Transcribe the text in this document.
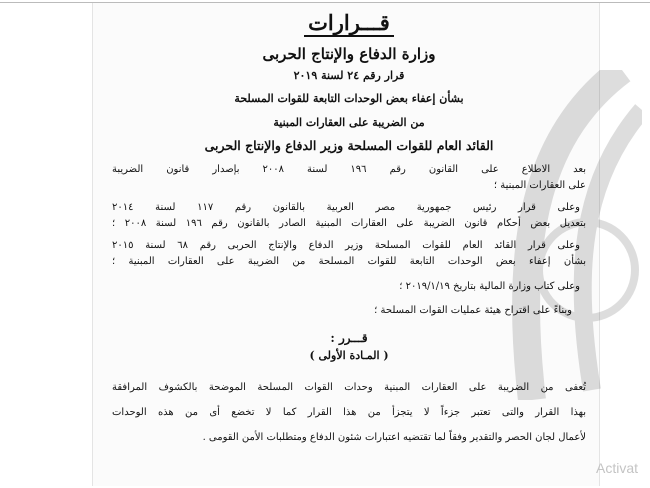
قـــرارات

وزارة الدفاع والإنتاج الحربى

قرار رقم ٢٤ لسنة ٢٠١٩

بشأن إعفاء بعض الوحدات التابعة للقوات المسلحة

من الضريبة على العقارات المبنية

القائد العام للقوات المسلحة وزير الدفاع والإنتاج الحربى

بعد الاطلاع على القانون رقم ١٩٦ لسنة ٢٠٠٨ بإصدار قانون الضريبة

على العقارات المبنية ؛

وعلى قرار رئيس جمهورية مصر العربية بالقانون رقم ١١٧ لسنة ٢٠١٤

بتعديل بعض أحكام قانون الضريبة على العقارات المبنية الصادر بالقانون رقم ١٩٦ لسنة ٢٠٠٨ ؛

وعلى قرار القائد العام للقوات المسلحة وزير الدفاع والإنتاج الحربى رقم ٦٨ لسنة ٢٠١٥

بشأن إعفاء بعض الوحدات التابعة للقوات المسلحة من الضريبة على العقارات المبنية ؛

وعلى كتاب وزارة المالية بتاريخ ٢٠١٩/١/١٩ ؛

وبناءً على اقتراح هيئة عمليات القوات المسلحة ؛

قـــرر :

( المـادة الأولى )

تُعفى من الضريبة على العقارات المبنية وحدات القوات المسلحة الموضحة بالكشوف المرافقة

بهذا القرار والتى تعتبر جزءاً لا يتجزأ من هذا القرار كما لا تخضع أى من هذه الوحدات

لأعمال لجان الحصر والتقدير وفقاً لما تقتضيه اعتبارات شئون الدفاع ومتطلبات الأمن القومى .

Activat
